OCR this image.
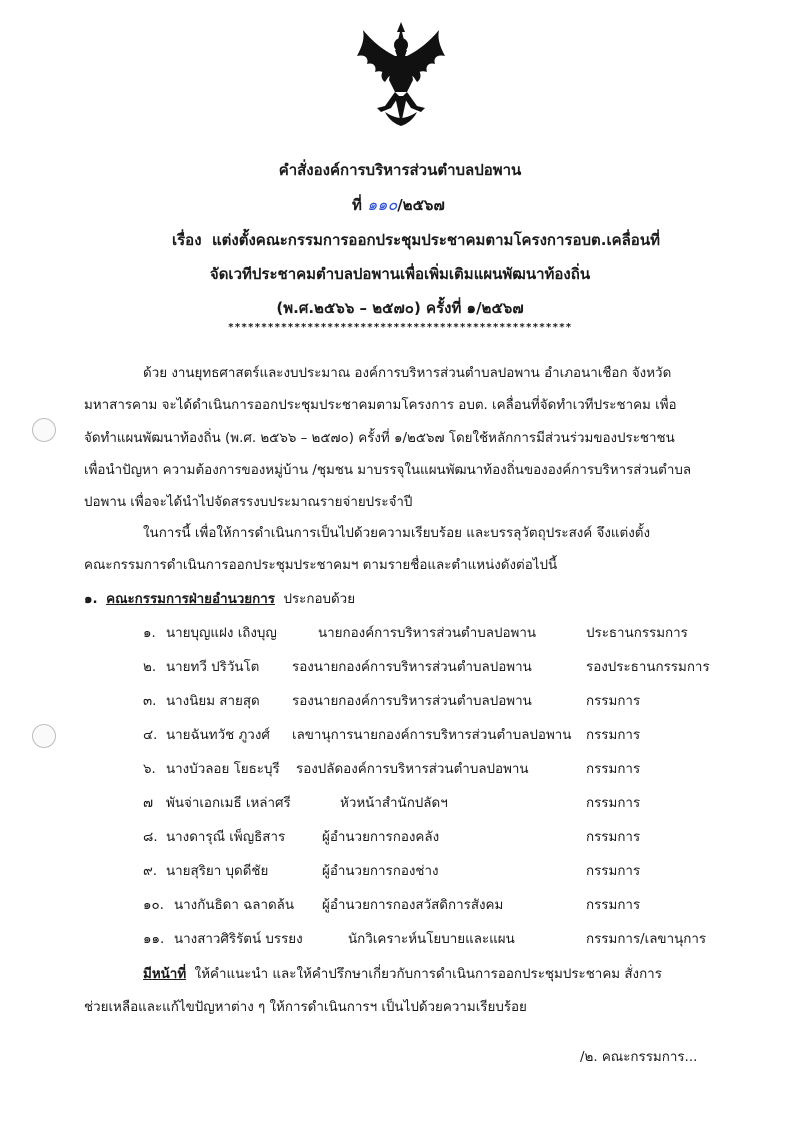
คำสั่งองค์การบริหารส่วนตำบลปอพาน
ที่ ๑๑๐/๒๕๖๗
เรื่อง แต่งตั้งคณะกรรมการออกประชุมประชาคมตามโครงการอบต.เคลื่อนที่
จัดเวทีประชาคมตำบลปอพานเพื่อเพิ่มเติมแผนพัฒนาท้องถิ่น
(พ.ศ.๒๕๖๖ – ๒๕๗๐) ครั้งที่ ๑/๒๕๖๗
****************************************************
ด้วย งานยุทธศาสตร์และงบประมาณ องค์การบริหารส่วนตำบลปอพาน อำเภอนาเชือก จังหวัด
มหาสารคาม จะได้ดำเนินการออกประชุมประชาคมตามโครงการ อบต. เคลื่อนที่จัดทำเวทีประชาคม เพื่อ
จัดทำแผนพัฒนาท้องถิ่น (พ.ศ. ๒๕๖๖ – ๒๕๗๐) ครั้งที่ ๑/๒๕๖๗ โดยใช้หลักการมีส่วนร่วมของประชาชน
เพื่อนำปัญหา ความต้องการของหมู่บ้าน /ชุมชน มาบรรจุในแผนพัฒนาท้องถิ่นขององค์การบริหารส่วนตำบล
ปอพาน เพื่อจะได้นำไปจัดสรรงบประมาณรายจ่ายประจำปี
ในการนี้ เพื่อให้การดำเนินการเป็นไปด้วยความเรียบร้อย และบรรลุวัตถุประสงค์ จึงแต่งตั้ง
คณะกรรมการดำเนินการออกประชุมประชาคมฯ ตามรายชื่อและตำแหน่งดังต่อไปนี้
๑. คณะกรรมการฝ่ายอำนวยการ ประกอบด้วย
๑. นายบุญแฝง เถิงบุญ	นายกองค์การบริหารส่วนตำบลปอพาน	ประธานกรรมการ
๒. นายทวี ปริวันโต รองนายกองค์การบริหารส่วนตำบลปอพาน	รองประธานกรรมการ
๓. นางนิยม สายสุด รองนายกองค์การบริหารส่วนตำบลปอพาน	กรรมการ
๔. นายฉันทวัช ภูวงศ์ เลขานุการนายกองค์การบริหารส่วนตำบลปอพาน กรรมการ
๖. นางบัวลอย โยธะบุรี รองปลัดองค์การบริหารส่วนตำบลปอพาน	กรรมการ
๗ พันจ่าเอกเมธี เหล่าศรี	หัวหน้าสำนักปลัดฯ	กรรมการ
๘. นางดารุณี เพ็ญธิสาร	ผู้อำนวยการกองคลัง	กรรมการ
๙. นายสุริยา บุดดีชัย	ผู้อำนวยการกองช่าง	กรรมการ
๑๐. นางกันธิดา ฉลาดล้น ผู้อำนวยการกองสวัสดิการสังคม	กรรมการ
๑๑. นางสาวศิริรัตน์ บรรยง	นักวิเคราะห์นโยบายและแผน	กรรมการ/เลขานุการ
มีหน้าที่ ให้คำแนะนำ และให้คำปรึกษาเกี่ยวกับการดำเนินการออกประชุมประชาคม สั่งการ
ช่วยเหลือและแก้ไขปัญหาต่าง ๆ ให้การดำเนินการฯ เป็นไปด้วยความเรียบร้อย
/๒. คณะกรรมการ...
